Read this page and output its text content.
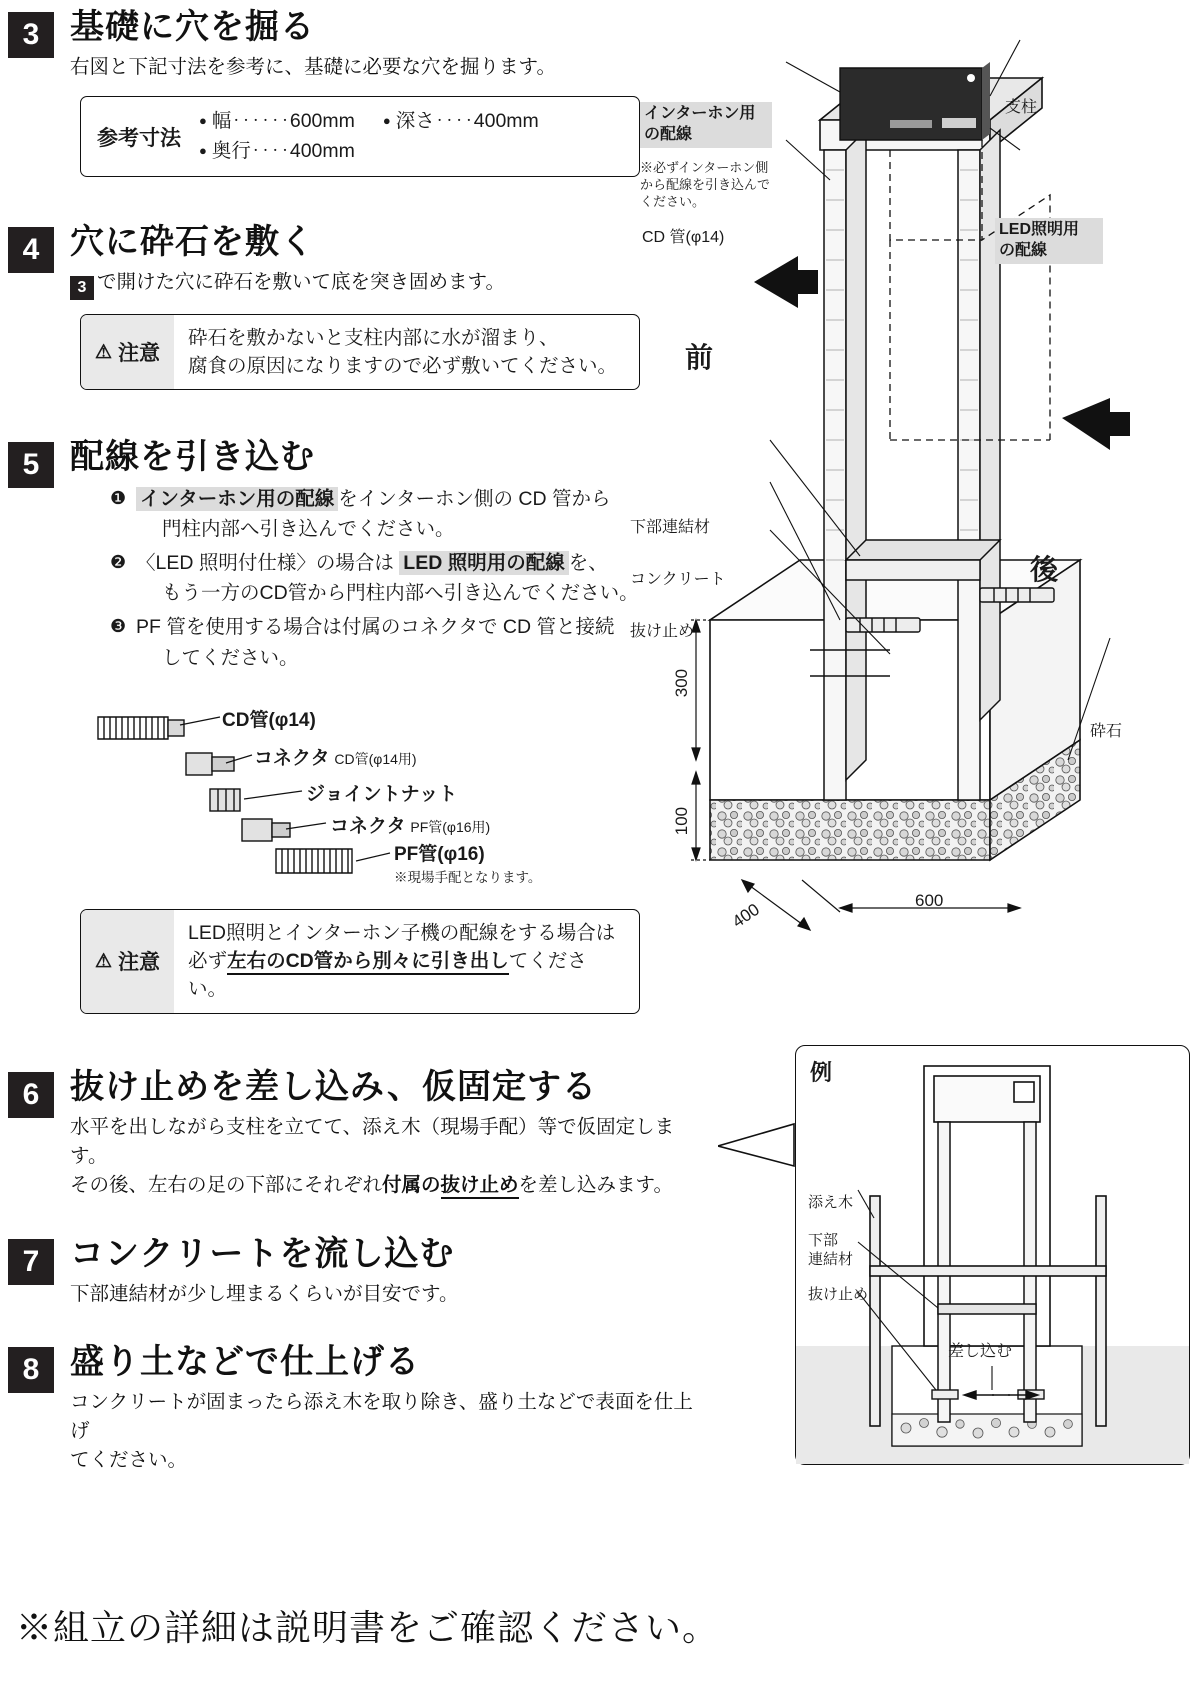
3 基礎に穴を掘る
右図と下記寸法を参考に、基礎に必要な穴を掘ります。
参考寸法
● 幅‥‥‥600mm	● 深さ‥‥400mm
● 奥行‥‥400mm
4 穴に砕石を敷く
3 で開けた穴に砕石を敷いて底を突き固めます。
⚠ 注意
砕石を敷かないと支柱内部に水が溜まり、
腐食の原因になりますので必ず敷いてください。
5 配線を引き込む
❶ インターホン用の配線 をインターホン側の CD 管から
門柱内部へ引き込んでください。
❷ 〈LED 照明付仕様〉の場合は LED 照明用の配線 を、
もう一方のCD管から門柱内部へ引き込んでください。
❸ PF 管を使用する場合は付属のコネクタで CD 管と接続
してください。
CD管(φ14)
コネクタ CD管(φ14用)
ジョイントナット
コネクタ PF管(φ16用)
PF管(φ16)
※現場手配となります。
⚠ 注意
LED照明とインターホン子機の配線をする場合は
必ず左右のCD管から別々に引き出してください。
6 抜け止めを差し込み、仮固定する
水平を出しながら支柱を立てて、添え木（現場手配）等で仮固定します。
その後、左右の足の下部にそれぞれ付属の抜け止めを差し込みます。
7 コンクリートを流し込む
下部連結材が少し埋まるくらいが目安です。
8 盛り土などで仕上げる
コンクリートが固まったら添え木を取り除き、盛り土などで表面を仕上げ
てください。
インターホン用
の配線
※必ずインターホン側
から配線を引き込んで
ください。
CD 管(φ14)
支柱
LED照明用
の配線
前
後
下部連結材
コンクリート
抜け止め
砕石
300
100
600
400
例
添え木
下部
連結材
抜け止め
差し込む
※組立の詳細は説明書をご確認ください。
